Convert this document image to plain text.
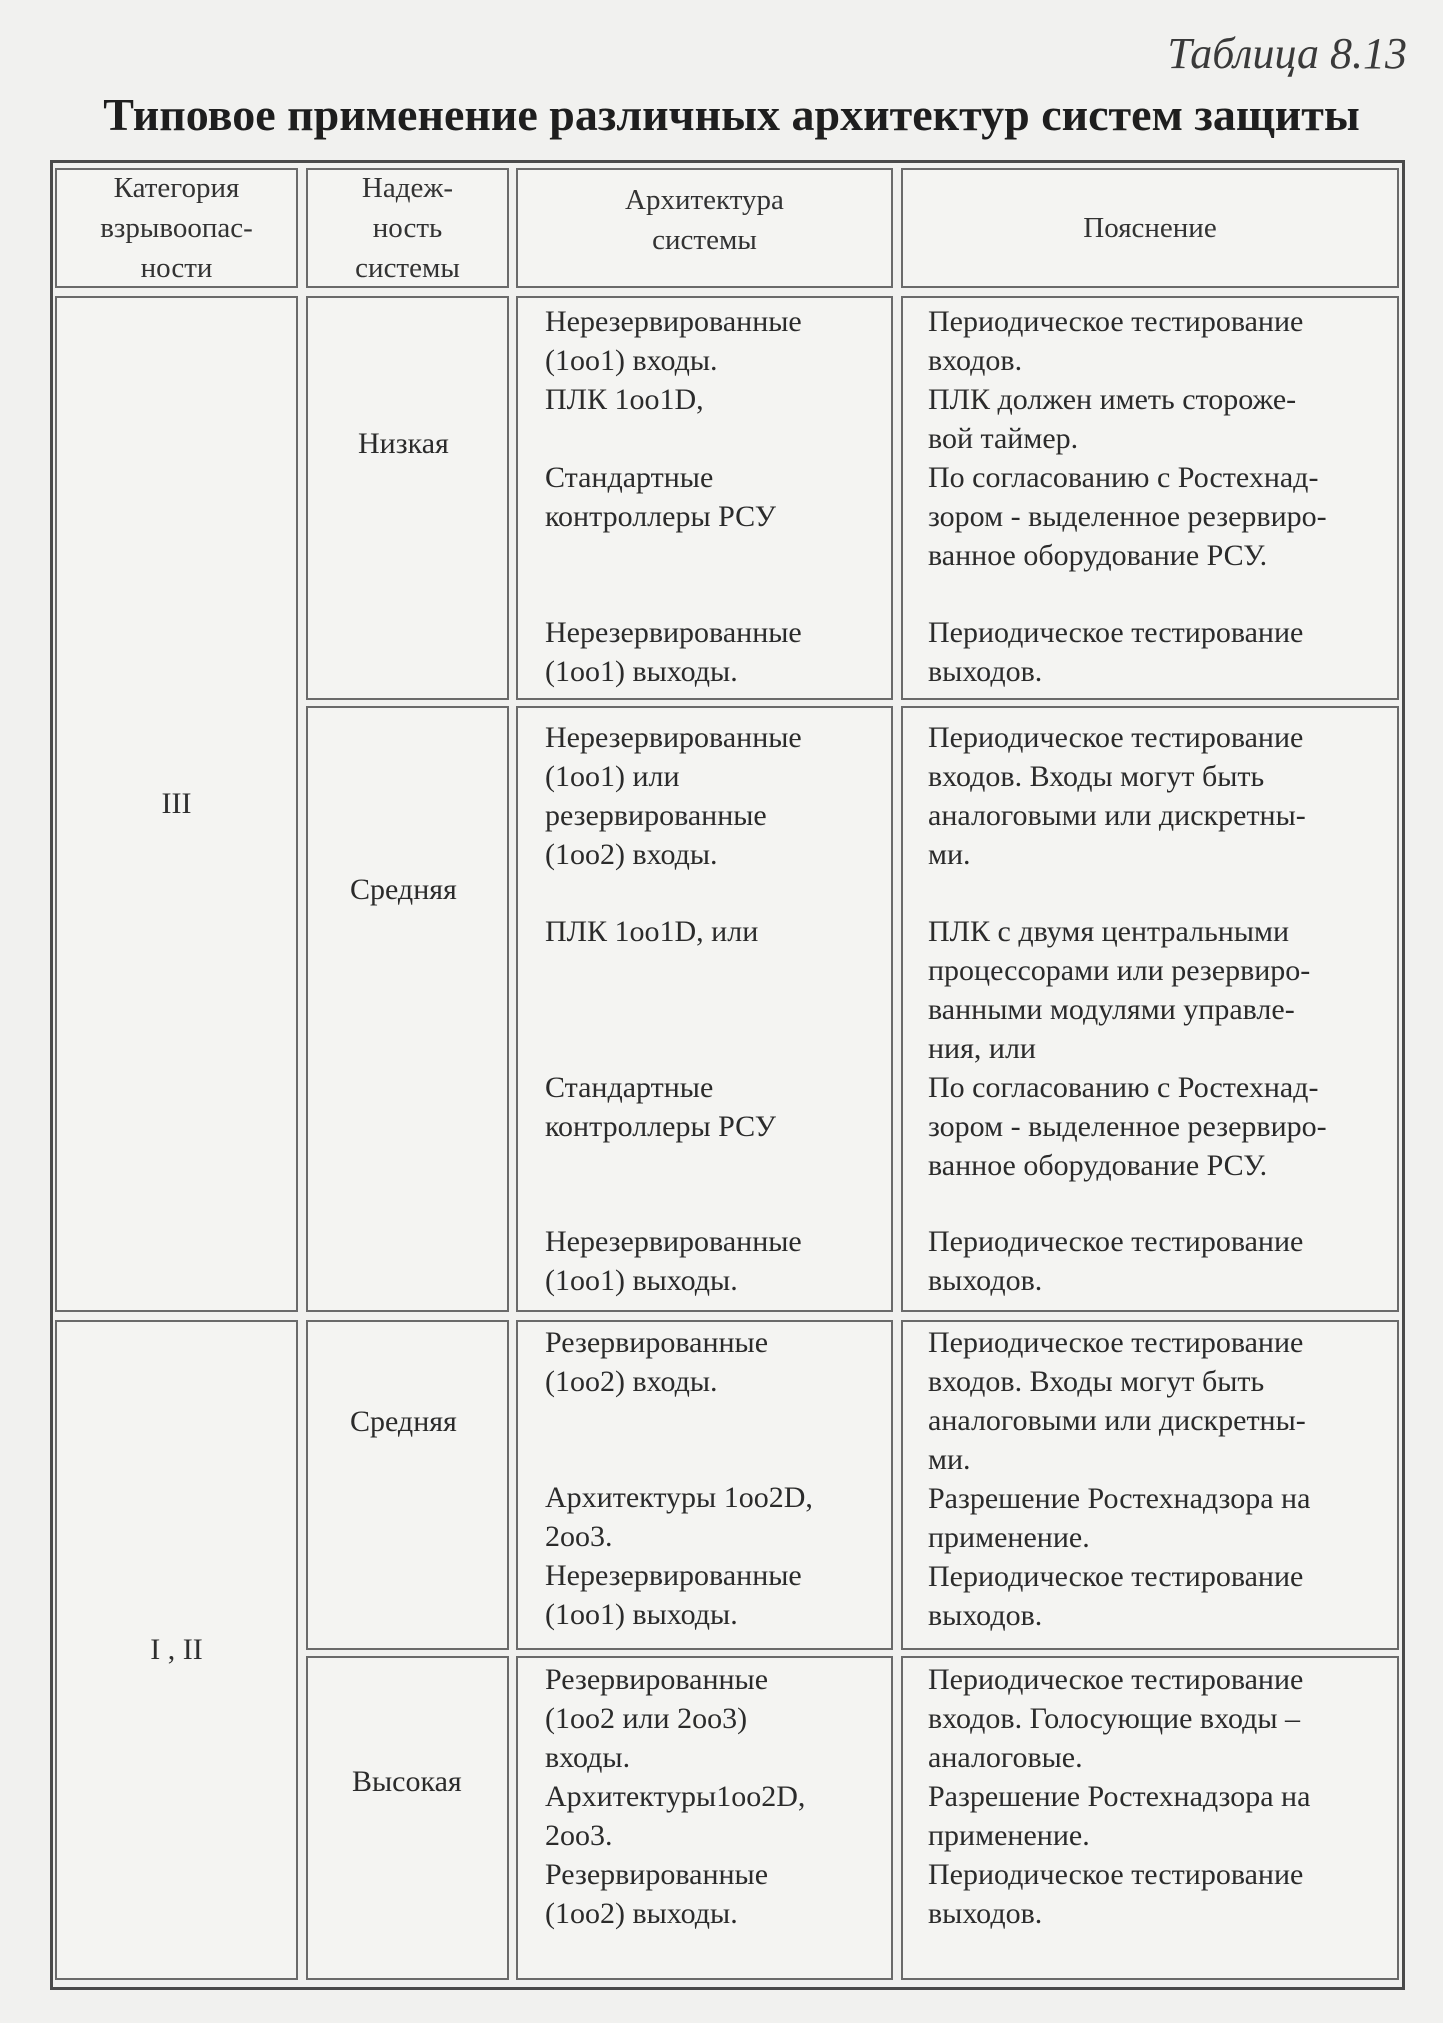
Таблица 8.13
Типовое применение различных архитектур систем защиты
Категория
взрывоопас-
ности
Надеж-
ность
системы
Архитектура
системы	Пояснение
III
I , II
Низкая
Средняя
Средняя
Высокая
Нерезервированные
(1оо1) входы.
ПЛК 1oo1D,
Стандартные
контроллеры РСУ
Нерезервированные
(1оо1) выходы.
Периодическое тестирование
входов.
ПЛК должен иметь стороже-
вой таймер.
По согласованию с Ростехнад-
зором - выделенное резервиро-
ванное оборудование РСУ.
Периодическое тестирование
выходов.
Нерезервированные
(1оо1) или
резервированные
(1оо2) входы.
ПЛК 1oo1D, или
Стандартные
контроллеры РСУ
Нерезервированные
(1оо1) выходы.
Периодическое тестирование
входов. Входы могут быть
аналоговыми или дискретны-
ми.
ПЛК с двумя центральными
процессорами или резервиро-
ванными модулями управле-
ния, или
По согласованию с Ростехнад-
зором - выделенное резервиро-
ванное оборудование РСУ.
Периодическое тестирование
выходов.
Резервированные
(1оо2) входы.
Архитектуры 1oo2D,
2оо3.
Нерезервированные
(1оо1) выходы.
Периодическое тестирование
входов. Входы могут быть
аналоговыми или дискретны-
ми.
Разрешение Ростехнадзора на
применение.
Периодическое тестирование
выходов.
Резервированные
(1оо2 или 2оо3)
входы.
Архитектуры1oo2D,
2оо3.
Резервированные
(1оо2) выходы.
Периодическое тестирование
входов. Голосующие входы –
аналоговые.
Разрешение Ростехнадзора на
применение.
Периодическое тестирование
выходов.
